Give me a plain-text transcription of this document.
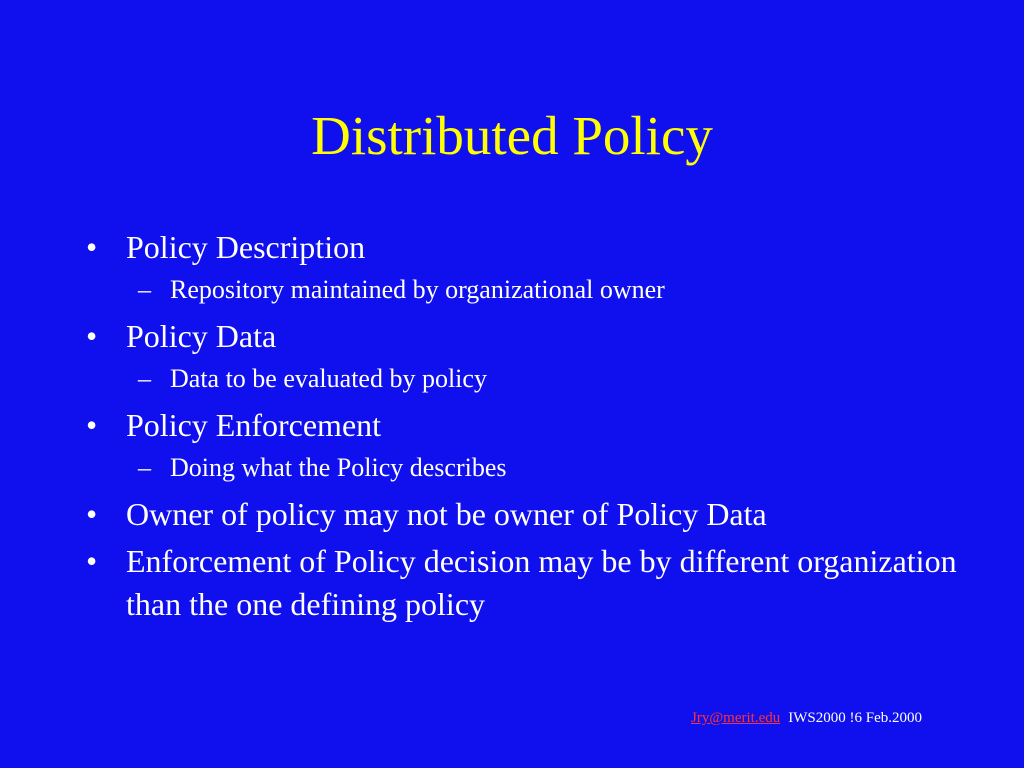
Distributed Policy
• Policy Description
– Repository maintained by organizational owner
• Policy Data
– Data to be evaluated by policy
• Policy Enforcement
– Doing what the Policy describes
• Owner of policy may not be owner of Policy Data
• Enforcement of Policy decision may be by different organization than the one defining policy
Jry@merit.edu IWS2000 !6 Feb.2000
